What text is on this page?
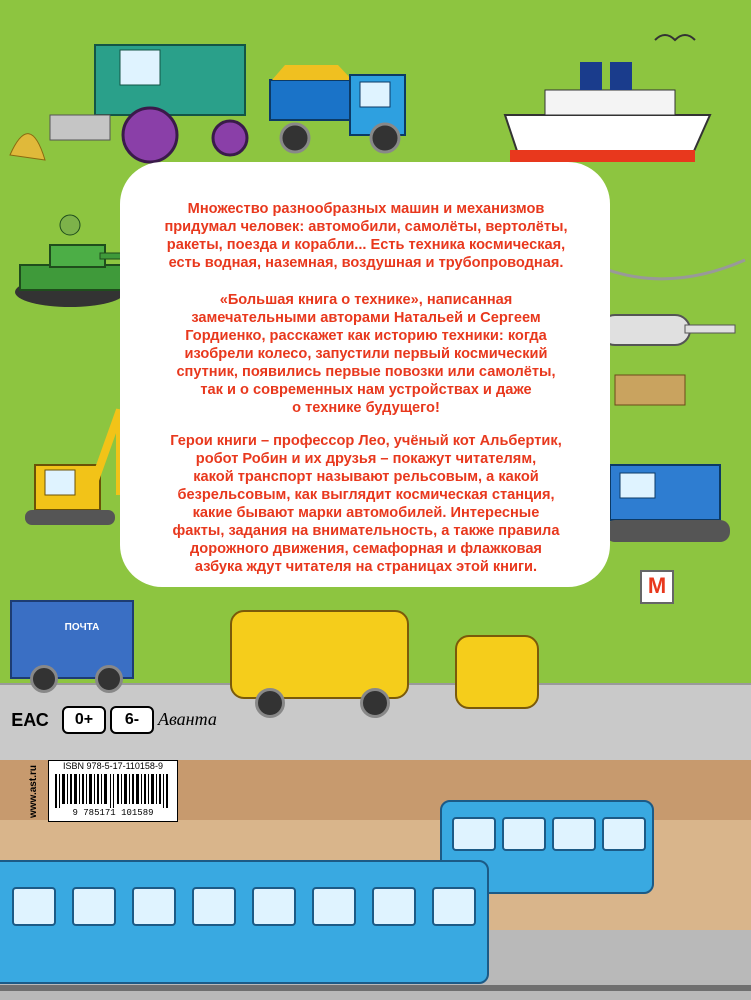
Множество разнообразных машин и механизмов
придумал человек: автомобили, самолёты, вертолёты,
ракеты, поезда и корабли... Есть техника космическая,
есть водная, наземная, воздушная и трубопроводная.
«Большая книга о технике», написанная
замечательными авторами Натальей и Сергеем
Гордиенко, расскажет как историю техники: когда
изобрели колесо, запустили первый космический
спутник, появились первые повозки или самолёты,
так и о современных нам устройствах и даже
о технике будущего!
Герои книги – профессор Лео, учёный кот Альбертик,
робот Робин и их друзья – покажут читателям,
какой транспорт называют рельсовым, а какой
безрельсовым, как выглядит космическая станция,
какие бывают марки автомобилей. Интересные
факты, задания на внимательность, а также правила
дорожного движения, семафорная и флажковая
азбука ждут читателя на страницах этой книги.
ПОЧТА
М
ЕАС	0+	6-	Аванта
www.ast.ru	ISBN 978-5-17-110158-9
9 785171 101589
